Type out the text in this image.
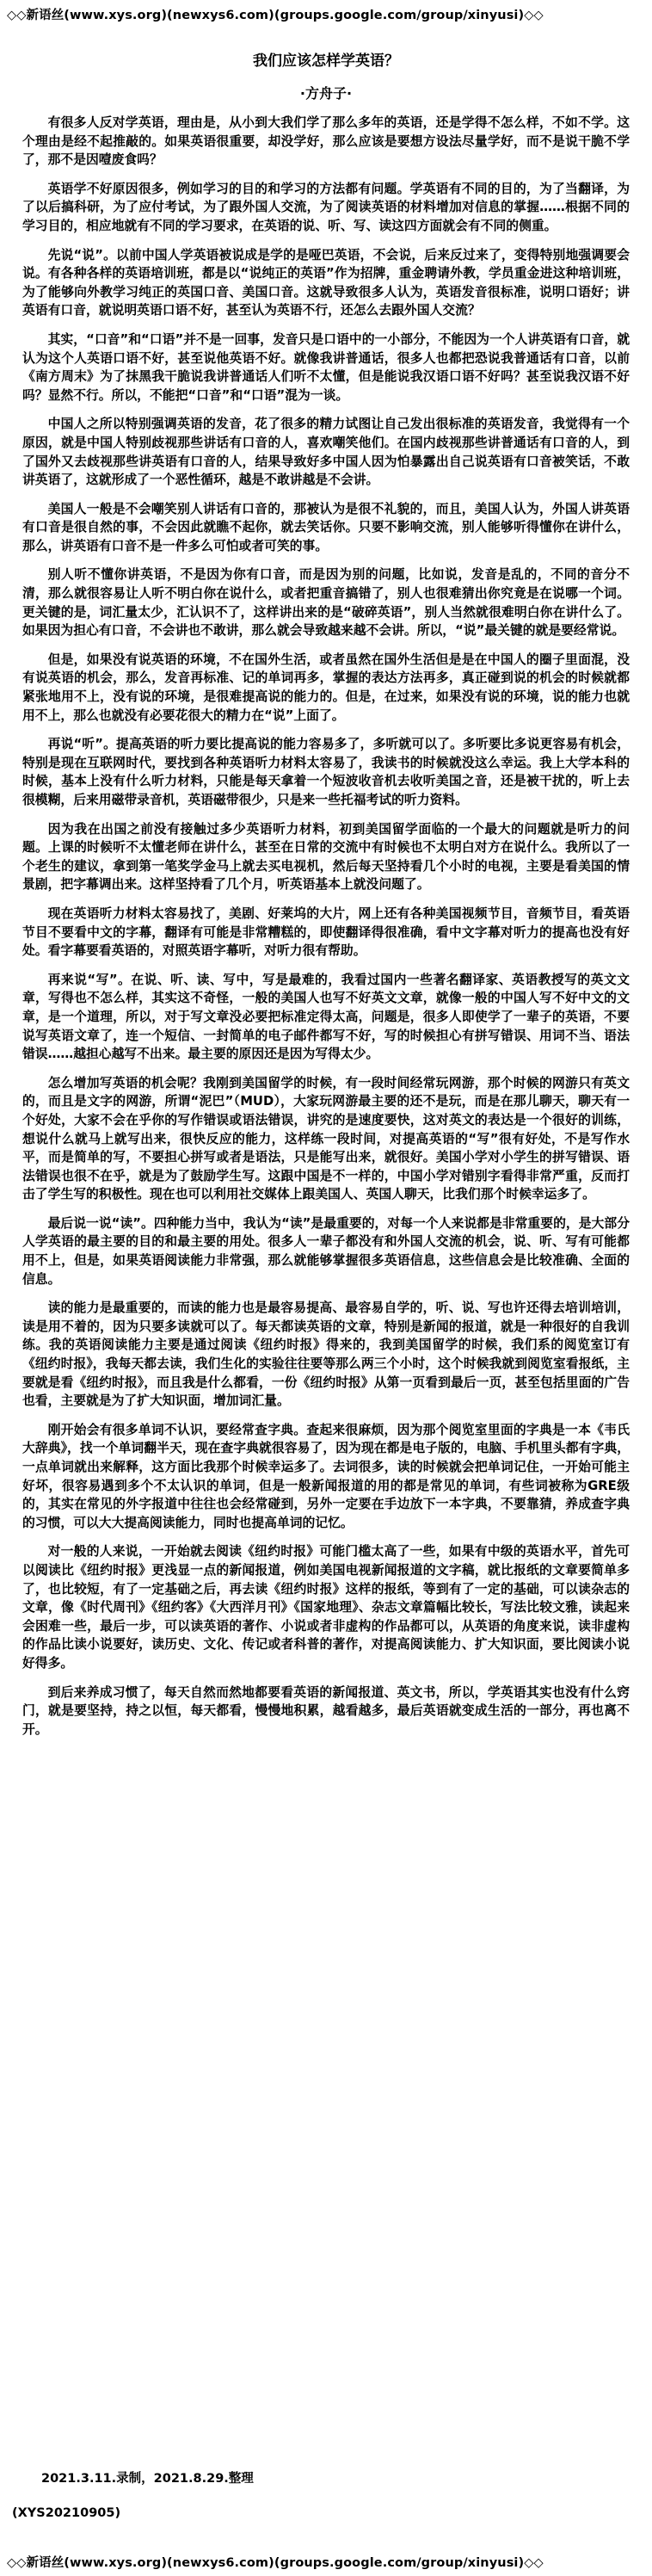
◇◇新语丝(www.xys.org)(newxys6.com)(groups.google.com/group/xinyusi)◇◇
我们应该怎样学英语？
·方舟子·

有很多人反对学英语，理由是，从小到大我们学了那么多年的英语，还是学得不怎么样，不如不学。这个理由是经不起推敲的。如果英语很重要，却没学好，那么应该是要想方设法尽量学好，而不是说干脆不学了，那不是因噎废食吗？

英语学不好原因很多，例如学习的目的和学习的方法都有问题。学英语有不同的目的，为了当翻译，为了以后搞科研，为了应付考试，为了跟外国人交流，为了阅读英语的材料增加对信息的掌握……根据不同的学习目的，相应地就有不同的学习要求，在英语的说、听、写、读这四方面就会有不同的侧重。

先说“说”。以前中国人学英语被说成是学的是哑巴英语，不会说，后来反过来了，变得特别地强调要会说。有各种各样的英语培训班，都是以“说纯正的英语”作为招牌，重金聘请外教，学员重金进这种培训班，为了能够向外教学习纯正的英国口音、美国口音。这就导致很多人认为，英语发音很标准，说明口语好；讲英语有口音，就说明英语口语不好，甚至认为英语不行，还怎么去跟外国人交流？

其实，“口音”和“口语”并不是一回事，发音只是口语中的一小部分，不能因为一个人讲英语有口音，就认为这个人英语口语不好，甚至说他英语不好。就像我讲普通话，很多人也都把恐说我普通话有口音，以前《南方周末》为了抹黑我干脆说我讲普通话人们听不太懂，但是能说我汉语口语不好吗？甚至说我汉语不好吗？显然不行。所以，不能把“口音”和“口语”混为一谈。

中国人之所以特别强调英语的发音，花了很多的精力试图让自己发出很标准的英语发音，我觉得有一个原因，就是中国人特别歧视那些讲话有口音的人，喜欢嘲笑他们。在国内歧视那些讲普通话有口音的人，到了国外又去歧视那些讲英语有口音的人，结果导致好多中国人因为怕暴露出自己说英语有口音被笑话，不敢讲英语了，这就形成了一个恶性循环，越是不敢讲越是不会讲。

美国人一般是不会嘲笑别人讲话有口音的，那被认为是很不礼貌的，而且，美国人认为，外国人讲英语有口音是很自然的事，不会因此就瞧不起你，就去笑话你。只要不影响交流，别人能够听得懂你在讲什么，那么，讲英语有口音不是一件多么可怕或者可笑的事。

别人听不懂你讲英语，不是因为你有口音，而是因为别的问题，比如说，发音是乱的，不同的音分不清，那么就很容易让人听不明白你在说什么，或者把重音搞错了，别人也很难猜出你究竟是在说哪一个词。更关键的是，词汇量太少，汇认识不了，这样讲出来的是“破碎英语”，别人当然就很难明白你在讲什么了。如果因为担心有口音，不会讲也不敢讲，那么就会导致越来越不会讲。所以，“说”最关键的就是要经常说。

但是，如果没有说英语的环境，不在国外生活，或者虽然在国外生活但是是在中国人的圈子里面混，没有说英语的机会，那么，发音再标准、记的单词再多，掌握的表达方法再多，真正碰到说的机会的时候就都紧张地用不上，没有说的环境，是很难提高说的能力的。但是，在过来，如果没有说的环境，说的能力也就用不上，那么也就没有必要花很大的精力在“说”上面了。

再说“听”。提高英语的听力要比提高说的能力容易多了，多听就可以了。多听要比多说更容易有机会，特别是现在互联网时代，要找到各种英语听力材料太容易了，我读书的时候就没这么幸运。我上大学本科的时候，基本上没有什么听力材料，只能是每天拿着一个短波收音机去收听美国之音，还是被干扰的，听上去很模糊，后来用磁带录音机，英语磁带很少，只是来一些托福考试的听力资料。

因为我在出国之前没有接触过多少英语听力材料，初到美国留学面临的一个最大的问题就是听力的问题。上课的时候听不太懂老师在讲什么，甚至在日常的交流中有时候也不太明白对方在说什么。我所以了一个老生的建议，拿到第一笔奖学金马上就去买电视机，然后每天坚持看几个小时的电视，主要是看美国的情景剧，把字幕调出来。这样坚持看了几个月，听英语基本上就没问题了。

现在英语听力材料太容易找了，美剧、好莱坞的大片，网上还有各种美国视频节目，音频节目，看英语节目不要看中文的字幕，翻译有可能是非常糟糕的，即使翻译得很准确，看中文字幕对听力的提高也没有好处。看字幕要看英语的，对照英语字幕听，对听力很有帮助。

再来说“写”。在说、听、读、写中，写是最难的，我看过国内一些著名翻译家、英语教授写的英文文章，写得也不怎么样，其实这不奇怪，一般的美国人也写不好英文文章，就像一般的中国人写不好中文的文章，是一个道理，所以，对于写文章没必要把标准定得太高，问题是，很多人即使学了一辈子的英语，不要说写英语文章了，连一个短信、一封简单的电子邮件都写不好，写的时候担心有拼写错误、用词不当、语法错误……越担心越写不出来。最主要的原因还是因为写得太少。

怎么增加写英语的机会呢？我刚到美国留学的时候，有一段时间经常玩网游，那个时候的网游只有英文的，而且是文字的网游，所谓“泥巴”（MUD），大家玩网游最主要的还不是玩，而是在那儿聊天，聊天有一个好处，大家不会在乎你的写作错误或语法错误，讲究的是速度要快，这对英文的表达是一个很好的训练，想说什么就马上就写出来，很快反应的能力，这样练一段时间，对提高英语的“写”很有好处，不是写作水平，而是简单的写，不要担心拼写或者是语法，只是能写出来，就很好。美国小学对小学生的拼写错误、语法错误也很不在乎，就是为了鼓励学生写。这跟中国是不一样的，中国小学对错别字看得非常严重，反而打击了学生写的积极性。现在也可以利用社交媒体上跟美国人、英国人聊天，比我们那个时候幸运多了。

最后说一说“读”。四种能力当中，我认为“读”是最重要的，对每一个人来说都是非常重要的，是大部分人学英语的最主要的目的和最主要的用处。很多人一辈子都没有和外国人交流的机会，说、听、写有可能都用不上，但是，如果英语阅读能力非常强，那么就能够掌握很多英语信息，这些信息会是比较准确、全面的信息。

读的能力是最重要的，而读的能力也是最容易提高、最容易自学的，听、说、写也许还得去培训培训，读是用不着的，因为只要多读就可以了。每天都读英语的文章，特别是新闻的报道，就是一种很好的自我训练。我的英语阅读能力主要是通过阅读《纽约时报》得来的，我到美国留学的时候，我们系的阅览室订有《纽约时报》，我每天都去读，我们生化的实验往往要等那么两三个小时，这个时候我就到阅览室看报纸，主要就是看《纽约时报》，而且我是什么都看，一份《纽约时报》从第一页看到最后一页，甚至包括里面的广告也看，主要就是为了扩大知识面，增加词汇量。

刚开始会有很多单词不认识，要经常查字典。查起来很麻烦，因为那个阅览室里面的字典是一本《韦氏大辞典》，找一个单词翻半天，现在查字典就很容易了，因为现在都是电子版的，电脑、手机里头都有字典，一点单词就出来解释，这方面比我那个时候幸运多了。去词很多，读的时候就会把单词记住，一开始可能主好坏，很容易遇到多个不太认识的单词，但是一般新闻报道的用的都是常见的单词，有些词被称为GRE级的，其实在常见的外字报道中往往也会经常碰到，另外一定要在手边放下一本字典，不要靠猜，养成查字典的习惯，可以大大提高阅读能力，同时也提高单词的记忆。

对一般的人来说，一开始就去阅读《纽约时报》可能门槛太高了一些，如果有中级的英语水平，首先可以阅读比《纽约时报》更浅显一点的新闻报道，例如美国电视新闻报道的文字稿，就比报纸的文章要简单多了，也比较短，有了一定基础之后，再去读《纽约时报》这样的报纸，等到有了一定的基础，可以读杂志的文章，像《时代周刊》《纽约客》《大西洋月刊》《国家地理》、杂志文章篇幅比较长，写法比较文雅，读起来会困难一些，最后一步，可以读英语的著作、小说或者非虚构的作品都可以，从英语的角度来说，读非虚构的作品比读小说要好，读历史、文化、传记或者科普的著作，对提高阅读能力、扩大知识面，要比阅读小说好得多。

到后来养成习惯了，每天自然而然地都要看英语的新闻报道、英文书，所以，学英语其实也没有什么窍门，就是要坚持，持之以恒，每天都看，慢慢地积累，越看越多，最后英语就变成生活的一部分，再也离不开。

2021.3.11.录制，2021.8.29.整理
(XYS20210905)
◇◇新语丝(www.xys.org)(newxys6.com)(groups.google.com/group/xinyusi)◇◇
